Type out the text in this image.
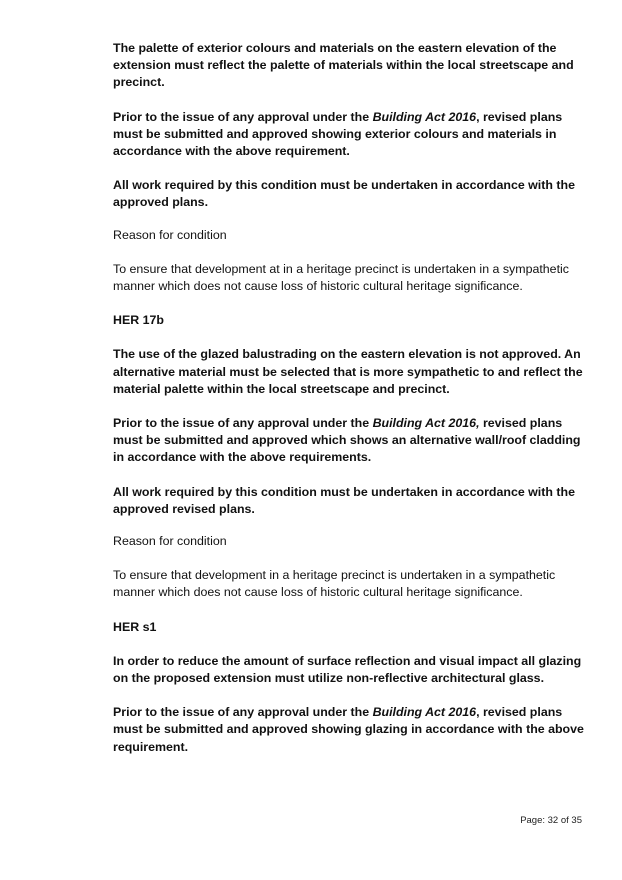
The palette of exterior colours and materials on the eastern elevation of the extension must reflect the palette of materials within the local streetscape and precinct.

Prior to the issue of any approval under the Building Act 2016, revised plans must be submitted and approved showing exterior colours and materials in accordance with the above requirement.

All work required by this condition must be undertaken in accordance with the approved plans.

Reason for condition

To ensure that development at in a heritage precinct is undertaken in a sympathetic manner which does not cause loss of historic cultural heritage significance.

HER 17b

The use of the glazed balustrading on the eastern elevation is not approved. An alternative material must be selected that is more sympathetic to and reflect the material palette within the local streetscape and precinct.

Prior to the issue of any approval under the Building Act 2016, revised plans must be submitted and approved which shows an alternative wall/roof cladding in accordance with the above requirements.

All work required by this condition must be undertaken in accordance with the approved revised plans.

Reason for condition

To ensure that development in a heritage precinct is undertaken in a sympathetic manner which does not cause loss of historic cultural heritage significance.

HER s1

In order to reduce the amount of surface reflection and visual impact all glazing on the proposed extension must utilize non-reflective architectural glass.

Prior to the issue of any approval under the Building Act 2016, revised plans must be submitted and approved showing glazing in accordance with the above requirement.

Page: 32 of 35
